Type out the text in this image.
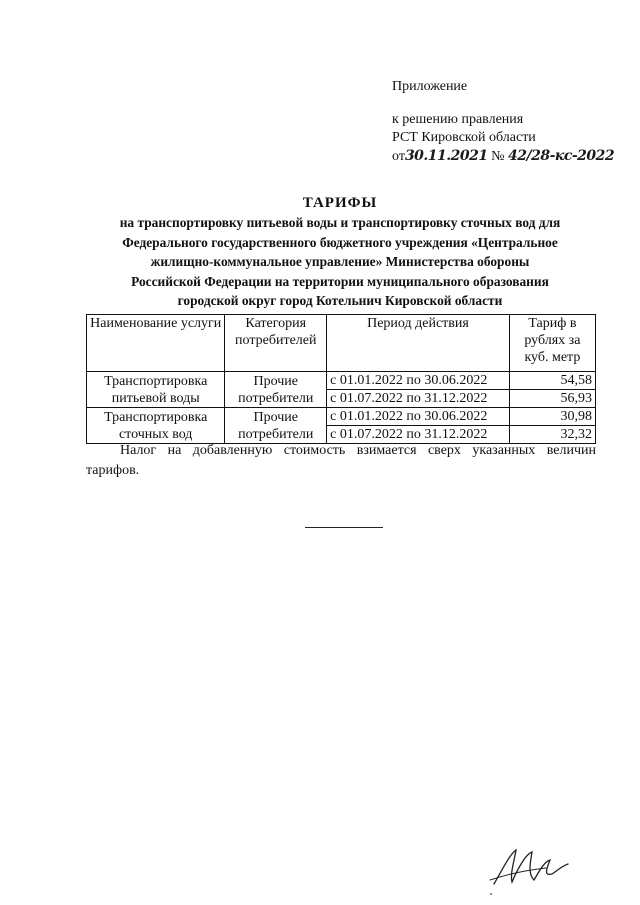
Приложение
к решению правления
РСТ Кировской области
от30.11.2021 № 42/28-кс-2022
ТАРИФЫ
на транспортировку питьевой воды и транспортировку сточных вод для
Федерального государственного бюджетного учреждения «Центральное
жилищно-коммунальное управление» Министерства обороны
Российской Федерации на территории муниципального образования
городской округ город Котельнич Кировской области
Наименование услуги	Категория потребителей	Период действия	Тариф в рублях за куб. метр
Транспортировка питьевой воды	Прочие потребители	с 01.01.2022 по 30.06.2022	54,58
		с 01.07.2022 по 31.12.2022	56,93
Транспортировка сточных вод	Прочие потребители	с 01.01.2022 по 30.06.2022	30,98
		с 01.07.2022 по 31.12.2022	32,32
Налог на добавленную стоимость взимается сверх указанных величин тарифов.
